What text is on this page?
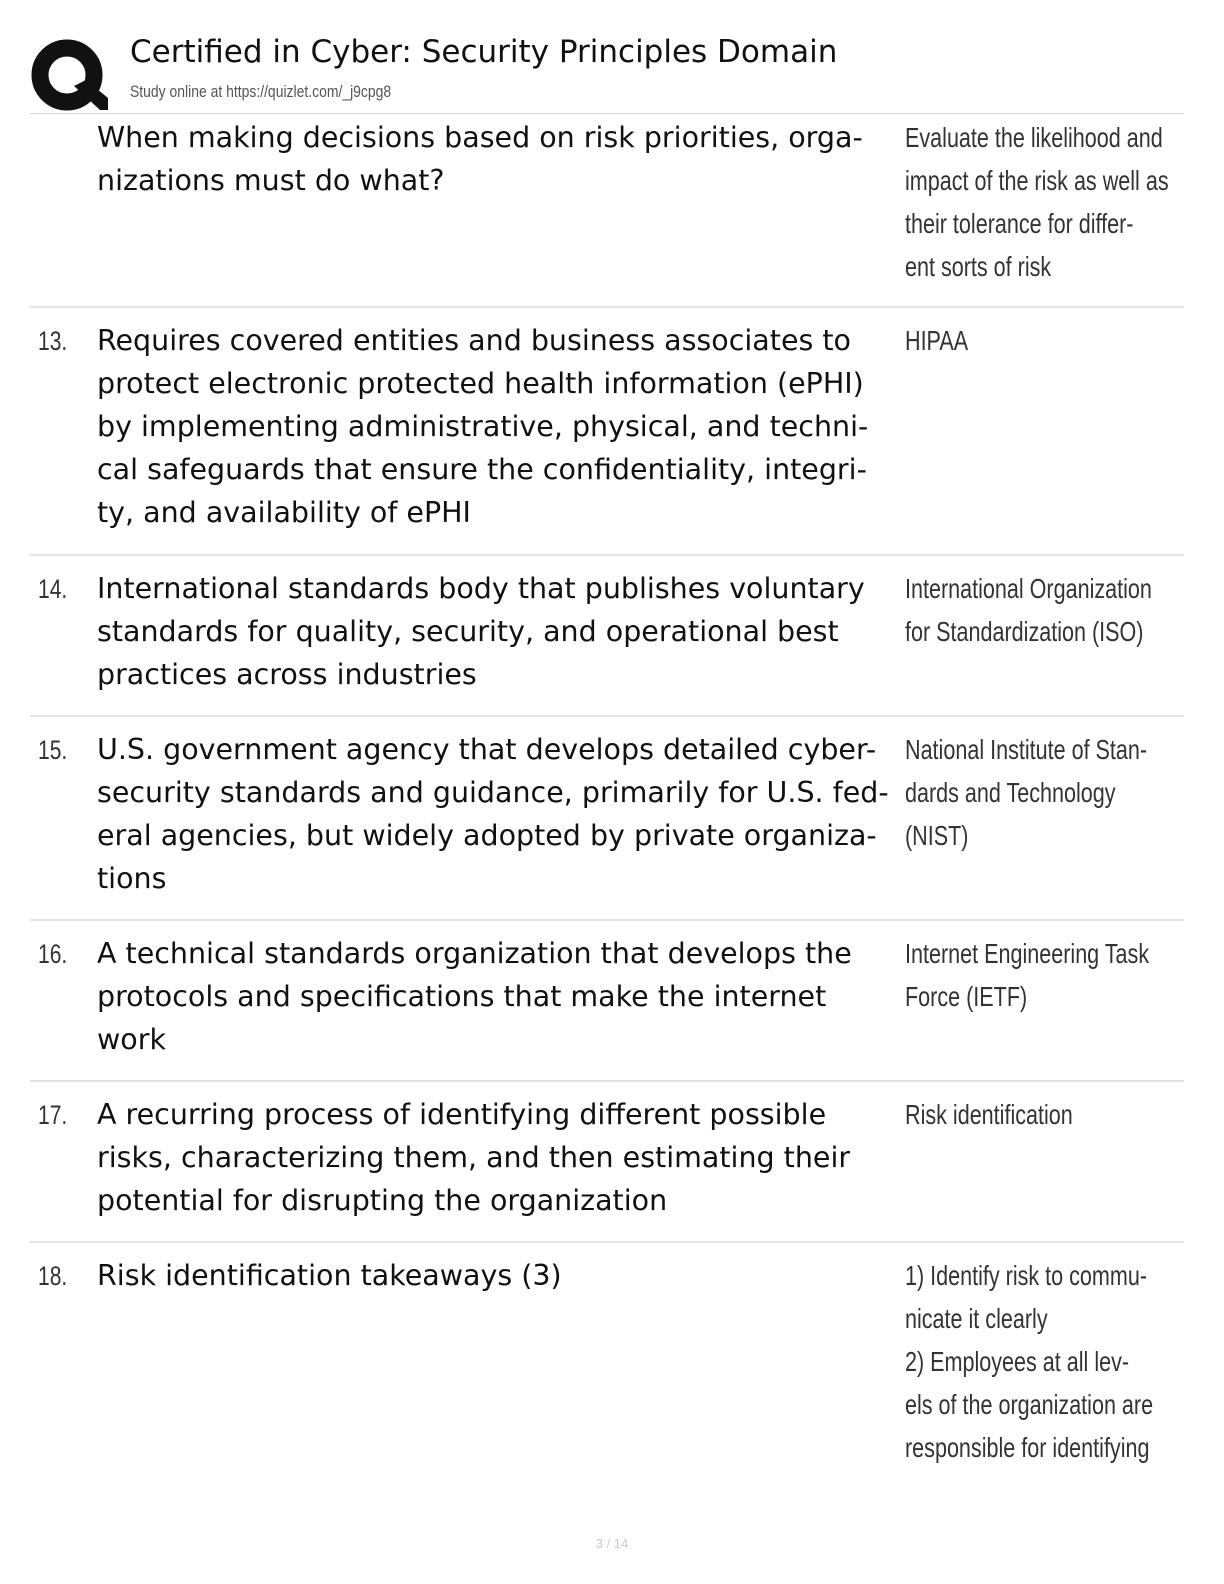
Certified in Cyber: Security Principles Domain
Study online at https://quizlet.com/_j9cpg8
When making decisions based on risk priorities, orga- nizations must do what?
Evaluate the likelihood and
impact of the risk as well as
their tolerance for differ-
ent sorts of risk
13. Requires covered entities and business associates to protect electronic protected health information (ePHI) by implementing administrative, physical, and techni- cal safeguards that ensure the confidentiality, integri- ty, and availability of ePHI
HIPAA
14. International standards body that publishes voluntary standards for quality, security, and operational best practices across industries
International Organization
for Standardization (ISO)
15. U.S. government agency that develops detailed cyber- security standards and guidance, primarily for U.S. fed- eral agencies, but widely adopted by private organiza- tions
National Institute of Stan-
dards and Technology
(NIST)
16. A technical standards organization that develops the protocols and specifications that make the internet work
Internet Engineering Task
Force (IETF)
17. A recurring process of identifying different possible risks, characterizing them, and then estimating their potential for disrupting the organization
Risk identification
18. Risk identification takeaways (3)	1) Identify risk to commu-
nicate it clearly
2) Employees at all lev-
els of the organization are
responsible for identifying
3 / 14
